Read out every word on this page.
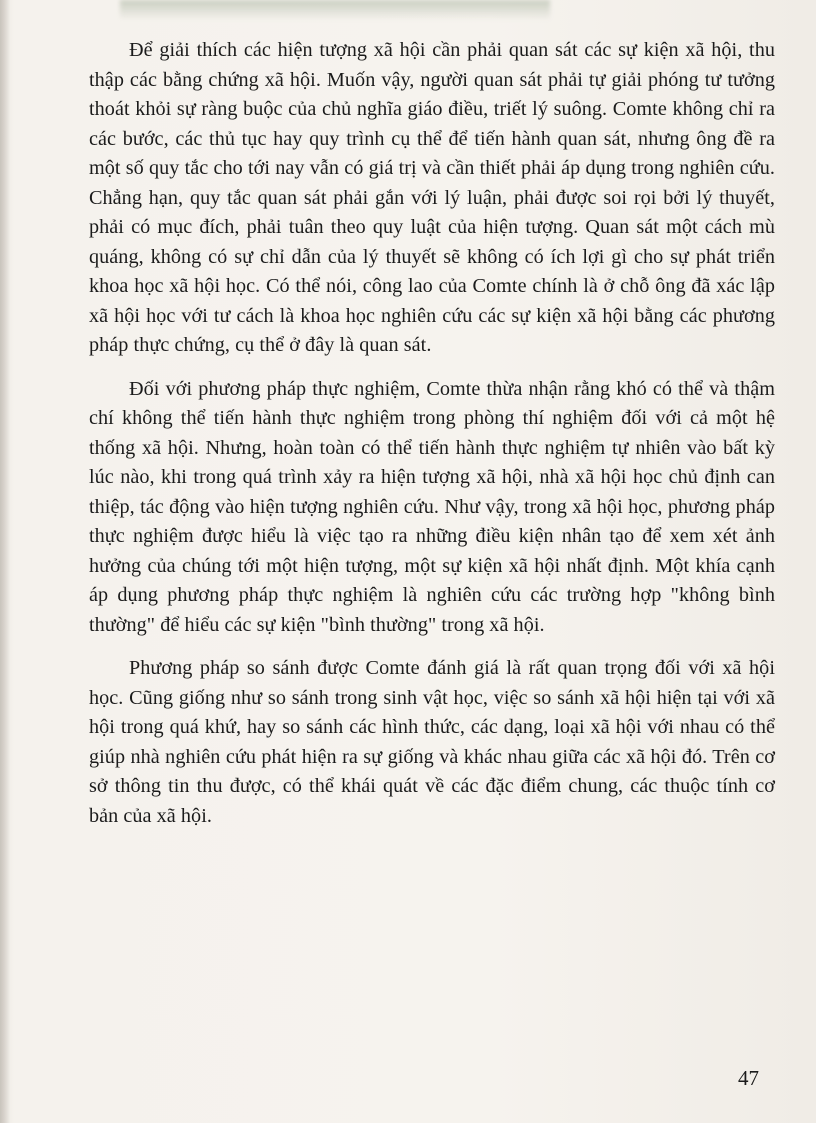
Để giải thích các hiện tượng xã hội cần phải quan sát các sự kiện xã hội, thu thập các bằng chứng xã hội. Muốn vậy, người quan sát phải tự giải phóng tư tưởng thoát khỏi sự ràng buộc của chủ nghĩa giáo điều, triết lý suông. Comte không chỉ ra các bước, các thủ tục hay quy trình cụ thể để tiến hành quan sát, nhưng ông đề ra một số quy tắc cho tới nay vẫn có giá trị và cần thiết phải áp dụng trong nghiên cứu. Chẳng hạn, quy tắc quan sát phải gắn với lý luận, phải được soi rọi bởi lý thuyết, phải có mục đích, phải tuân theo quy luật của hiện tượng. Quan sát một cách mù quáng, không có sự chỉ dẫn của lý thuyết sẽ không có ích lợi gì cho sự phát triển khoa học xã hội học. Có thể nói, công lao của Comte chính là ở chỗ ông đã xác lập xã hội học với tư cách là khoa học nghiên cứu các sự kiện xã hội bằng các phương pháp thực chứng, cụ thể ở đây là quan sát.

Đối với phương pháp thực nghiệm, Comte thừa nhận rằng khó có thể và thậm chí không thể tiến hành thực nghiệm trong phòng thí nghiệm đối với cả một hệ thống xã hội. Nhưng, hoàn toàn có thể tiến hành thực nghiệm tự nhiên vào bất kỳ lúc nào, khi trong quá trình xảy ra hiện tượng xã hội, nhà xã hội học chủ định can thiệp, tác động vào hiện tượng nghiên cứu. Như vậy, trong xã hội học, phương pháp thực nghiệm được hiểu là việc tạo ra những điều kiện nhân tạo để xem xét ảnh hưởng của chúng tới một hiện tượng, một sự kiện xã hội nhất định. Một khía cạnh áp dụng phương pháp thực nghiệm là nghiên cứu các trường hợp "không bình thường" để hiểu các sự kiện "bình thường" trong xã hội.

Phương pháp so sánh được Comte đánh giá là rất quan trọng đối với xã hội học. Cũng giống như so sánh trong sinh vật học, việc so sánh xã hội hiện tại với xã hội trong quá khứ, hay so sánh các hình thức, các dạng, loại xã hội với nhau có thể giúp nhà nghiên cứu phát hiện ra sự giống và khác nhau giữa các xã hội đó. Trên cơ sở thông tin thu được, có thể khái quát về các đặc điểm chung, các thuộc tính cơ bản của xã hội.

47
